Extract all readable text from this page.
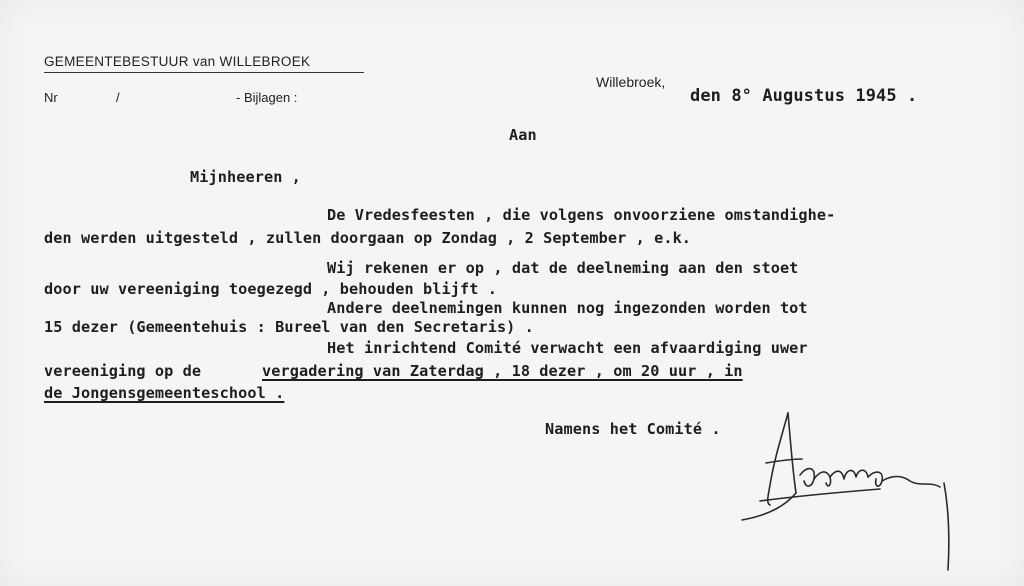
GEMEENTEBESTUUR van WILLEBROEK
Nr	/	- Bijlagen :
Willebroek,
den 8° Augustus 1945 .
Aan
Mijnheeren ,
De Vredesfeesten , die volgens onvoorziene omstandighe-
den werden uitgesteld , zullen doorgaan op Zondag , 2 September , e.k.
Wij rekenen er op , dat de deelneming aan den stoet
door uw vereeniging toegezegd , behouden blijft .
Andere deelnemingen kunnen nog ingezonden worden tot
15 dezer (Gemeentehuis : Bureel van den Secretaris) .
Het inrichtend Comité verwacht een afvaardiging uwer
vereeniging op de	vergadering van Zaterdag , 18 dezer , om 20 uur , in
de Jongensgemeenteschool .
Namens het Comité .
